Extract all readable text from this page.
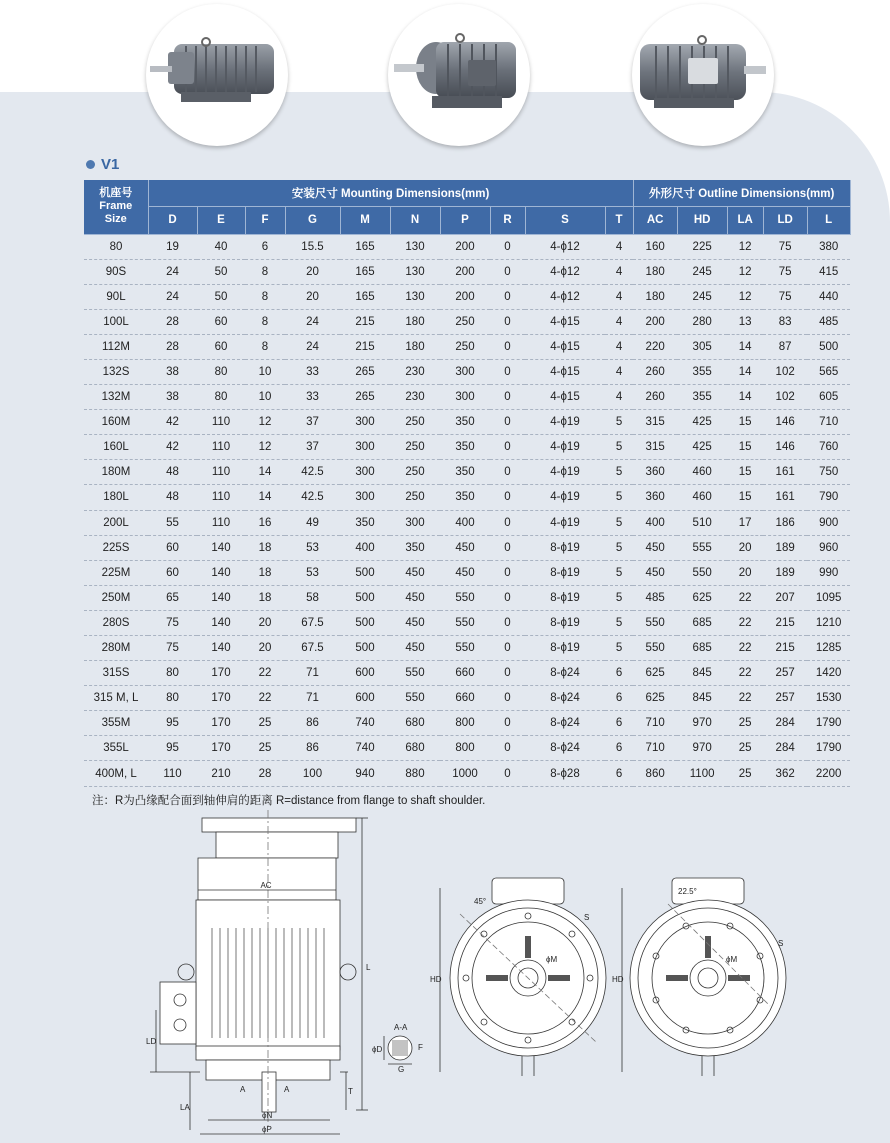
V1
机座号
Frame
Size	安装尺寸 Mounting Dimensions(mm)										外形尺寸 Outline Dimensions(mm)				
	D	E	F	G	M	N	P	R	S	T	AC	HD	LA	LD	L
80	19	40	6	15.5	165	130	200	0	4-ϕ12	4	160	225	12	75	380
90S	24	50	8	20	165	130	200	0	4-ϕ12	4	180	245	12	75	415
90L	24	50	8	20	165	130	200	0	4-ϕ12	4	180	245	12	75	440
100L	28	60	8	24	215	180	250	0	4-ϕ15	4	200	280	13	83	485
112M	28	60	8	24	215	180	250	0	4-ϕ15	4	220	305	14	87	500
132S	38	80	10	33	265	230	300	0	4-ϕ15	4	260	355	14	102	565
132M	38	80	10	33	265	230	300	0	4-ϕ15	4	260	355	14	102	605
160M	42	110	12	37	300	250	350	0	4-ϕ19	5	315	425	15	146	710
160L	42	110	12	37	300	250	350	0	4-ϕ19	5	315	425	15	146	760
180M	48	110	14	42.5	300	250	350	0	4-ϕ19	5	360	460	15	161	750
180L	48	110	14	42.5	300	250	350	0	4-ϕ19	5	360	460	15	161	790
200L	55	110	16	49	350	300	400	0	4-ϕ19	5	400	510	17	186	900
225S	60	140	18	53	400	350	450	0	8-ϕ19	5	450	555	20	189	960
225M	60	140	18	53	500	450	450	0	8-ϕ19	5	450	550	20	189	990
250M	65	140	18	58	500	450	550	0	8-ϕ19	5	485	625	22	207	1095
280S	75	140	20	67.5	500	450	550	0	8-ϕ19	5	550	685	22	215	1210
280M	75	140	20	67.5	500	450	550	0	8-ϕ19	5	550	685	22	215	1285
315S	80	170	22	71	600	550	660	0	8-ϕ24	6	625	845	22	257	1420
315 M, L	80	170	22	71	600	550	660	0	8-ϕ24	6	625	845	22	257	1530
355M	95	170	25	86	740	680	800	0	8-ϕ24	6	710	970	25	284	1790
355L	95	170	25	86	740	680	800	0	8-ϕ24	6	710	970	25	284	1790
400M, L	110	210	28	100	940	880	1000	0	8-ϕ28	6	860	1100	25	362	2200
注：R为凸缘配合面到轴伸肩的距离 R=distance from flange to shaft shoulder.
AC
L
LD
T
LA
A	A
ϕN
ϕP
A-A
ϕD	F
G
HD	HD
ϕM	ϕM
S
S
45°
22.5°
